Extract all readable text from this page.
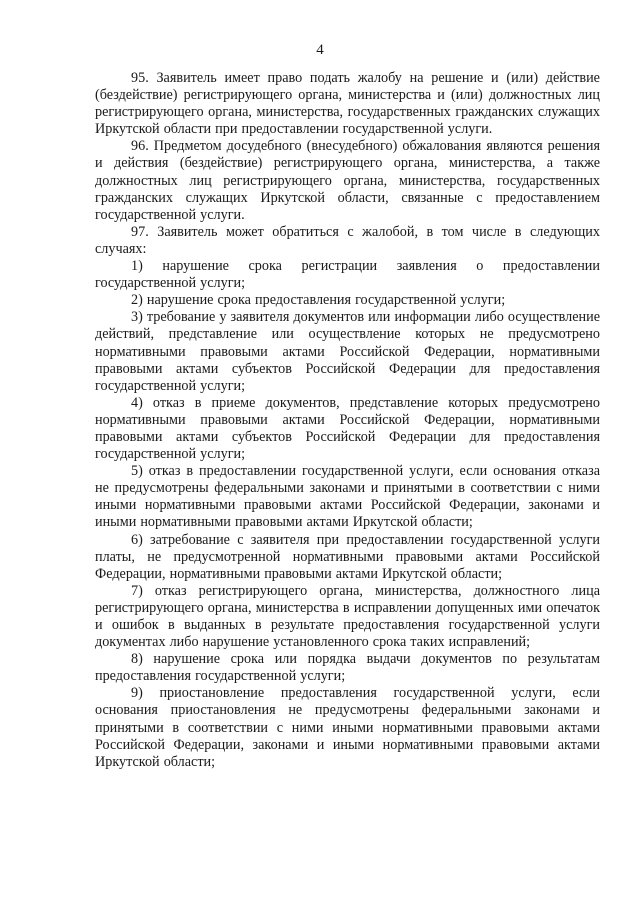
4

95. Заявитель имеет право подать жалобу на решение и (или) действие (бездействие) регистрирующего органа, министерства и (или) должностных лиц регистрирующего органа, министерства, государственных гражданских служащих Иркутской области при предоставлении государственной услуги.

96. Предметом досудебного (внесудебного) обжалования являются решения и действия (бездействие) регистрирующего органа, министерства, а также должностных лиц регистрирующего органа, министерства, государственных гражданских служащих Иркутской области, связанные с предоставлением государственной услуги.

97. Заявитель может обратиться с жалобой, в том числе в следующих случаях:

1) нарушение срока регистрации заявления о предоставлении государственной услуги;

2) нарушение срока предоставления государственной услуги;

3) требование у заявителя документов или информации либо осуществление действий, представление или осуществление которых не предусмотрено нормативными правовыми актами Российской Федерации, нормативными правовыми актами субъектов Российской Федерации для предоставления государственной услуги;

4) отказ в приеме документов, представление которых предусмотрено нормативными правовыми актами Российской Федерации, нормативными правовыми актами субъектов Российской Федерации для предоставления государственной услуги;

5) отказ в предоставлении государственной услуги, если основания отказа не предусмотрены федеральными законами и принятыми в соответствии с ними иными нормативными правовыми актами Российской Федерации, законами и иными нормативными правовыми актами Иркутской области;

6) затребование с заявителя при предоставлении государственной услуги платы, не предусмотренной нормативными правовыми актами Российской Федерации, нормативными правовыми актами Иркутской области;

7) отказ регистрирующего органа, министерства, должностного лица регистрирующего органа, министерства в исправлении допущенных ими опечаток и ошибок в выданных в результате предоставления государственной услуги документах либо нарушение установленного срока таких исправлений;

8) нарушение срока или порядка выдачи документов по результатам предоставления государственной услуги;

9) приостановление предоставления государственной услуги, если основания приостановления не предусмотрены федеральными законами и принятыми в соответствии с ними иными нормативными правовыми актами Российской Федерации, законами и иными нормативными правовыми актами Иркутской области;
